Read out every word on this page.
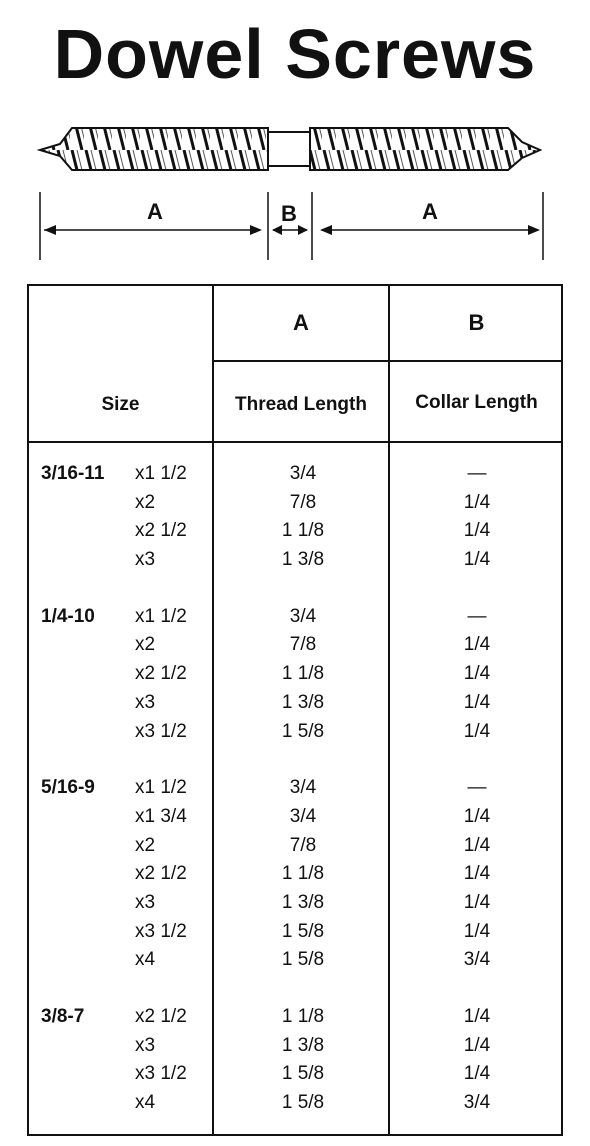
Dowel Screws
A	B	A
Size
A	B
Thread Length	Collar Length
3/16-11 x1 1/2	3/4	—
x2	7/8	1/4
x2 1/2	1 1/8	1/4
x3	1 3/8	1/4
1/4-10 x1 1/2	3/4	—
x2	7/8	1/4
x2 1/2	1 1/8	1/4
x3	1 3/8	1/4
x3 1/2	1 5/8	1/4
5/16-9 x1 1/2	3/4	—
x1 3/4	3/4	1/4
x2	7/8	1/4
x2 1/2	1 1/8	1/4
x3	1 3/8	1/4
x3 1/2	1 5/8	1/4
x4	1 5/8	3/4
3/8-7	x2 1/2	1 1/8	1/4
x3	1 3/8	1/4
x3 1/2	1 5/8	1/4
x4	1 5/8	3/4
